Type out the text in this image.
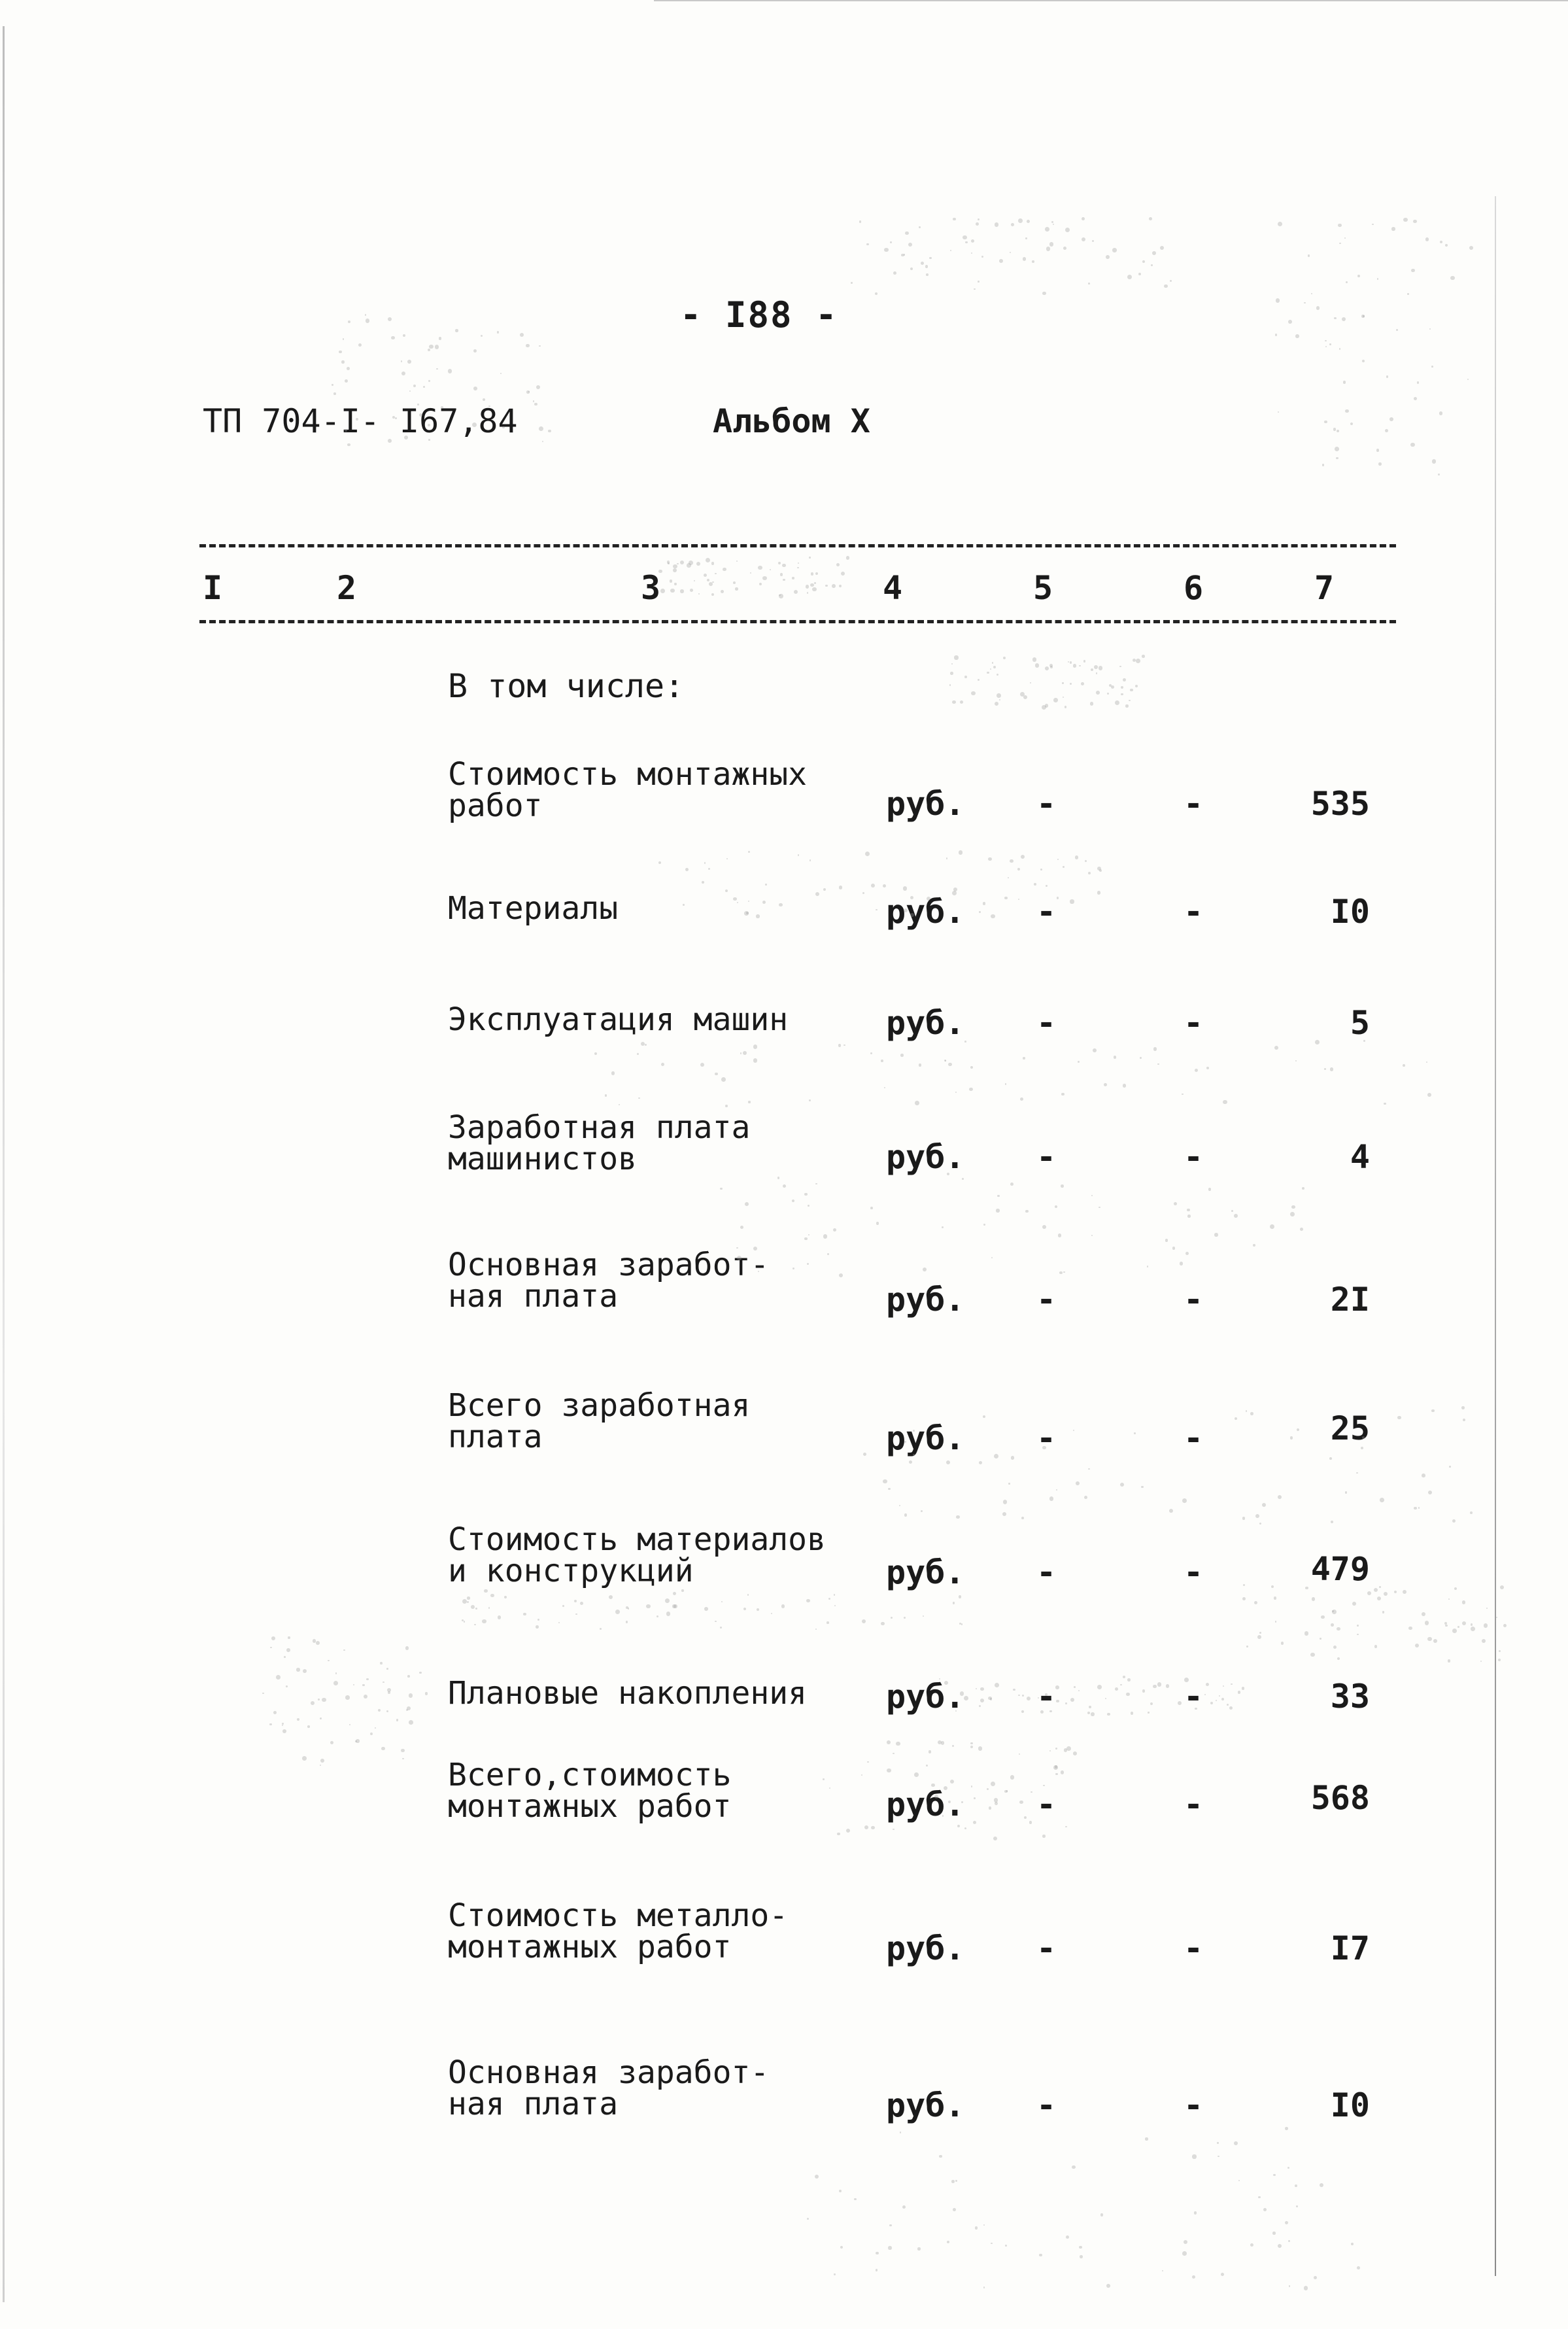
- I88 -
ТП 704-I- I67,84	Альбом X
I	2	3	4	5	6	7
В том числе:
Стоимость монтажных
работ	руб. -	-	535
Материалы	руб. -	-	I0
Эксплуатация машин	руб. -	-	5
Заработная плата
машинистов	руб. -	-	4
Основная заработ-
ная плата	руб. -	-	2I
Всего заработная
плата	руб. -	-	25
Стоимость материалов
и конструкций	руб. -	-	479
Плановые накопления	руб. -	-	33
Всего,стоимость
монтажных работ	руб. -	-	568
Стоимость металло-
монтажных работ	руб. -	-	I7
Основная заработ-
ная плата	руб. -	-	I0
